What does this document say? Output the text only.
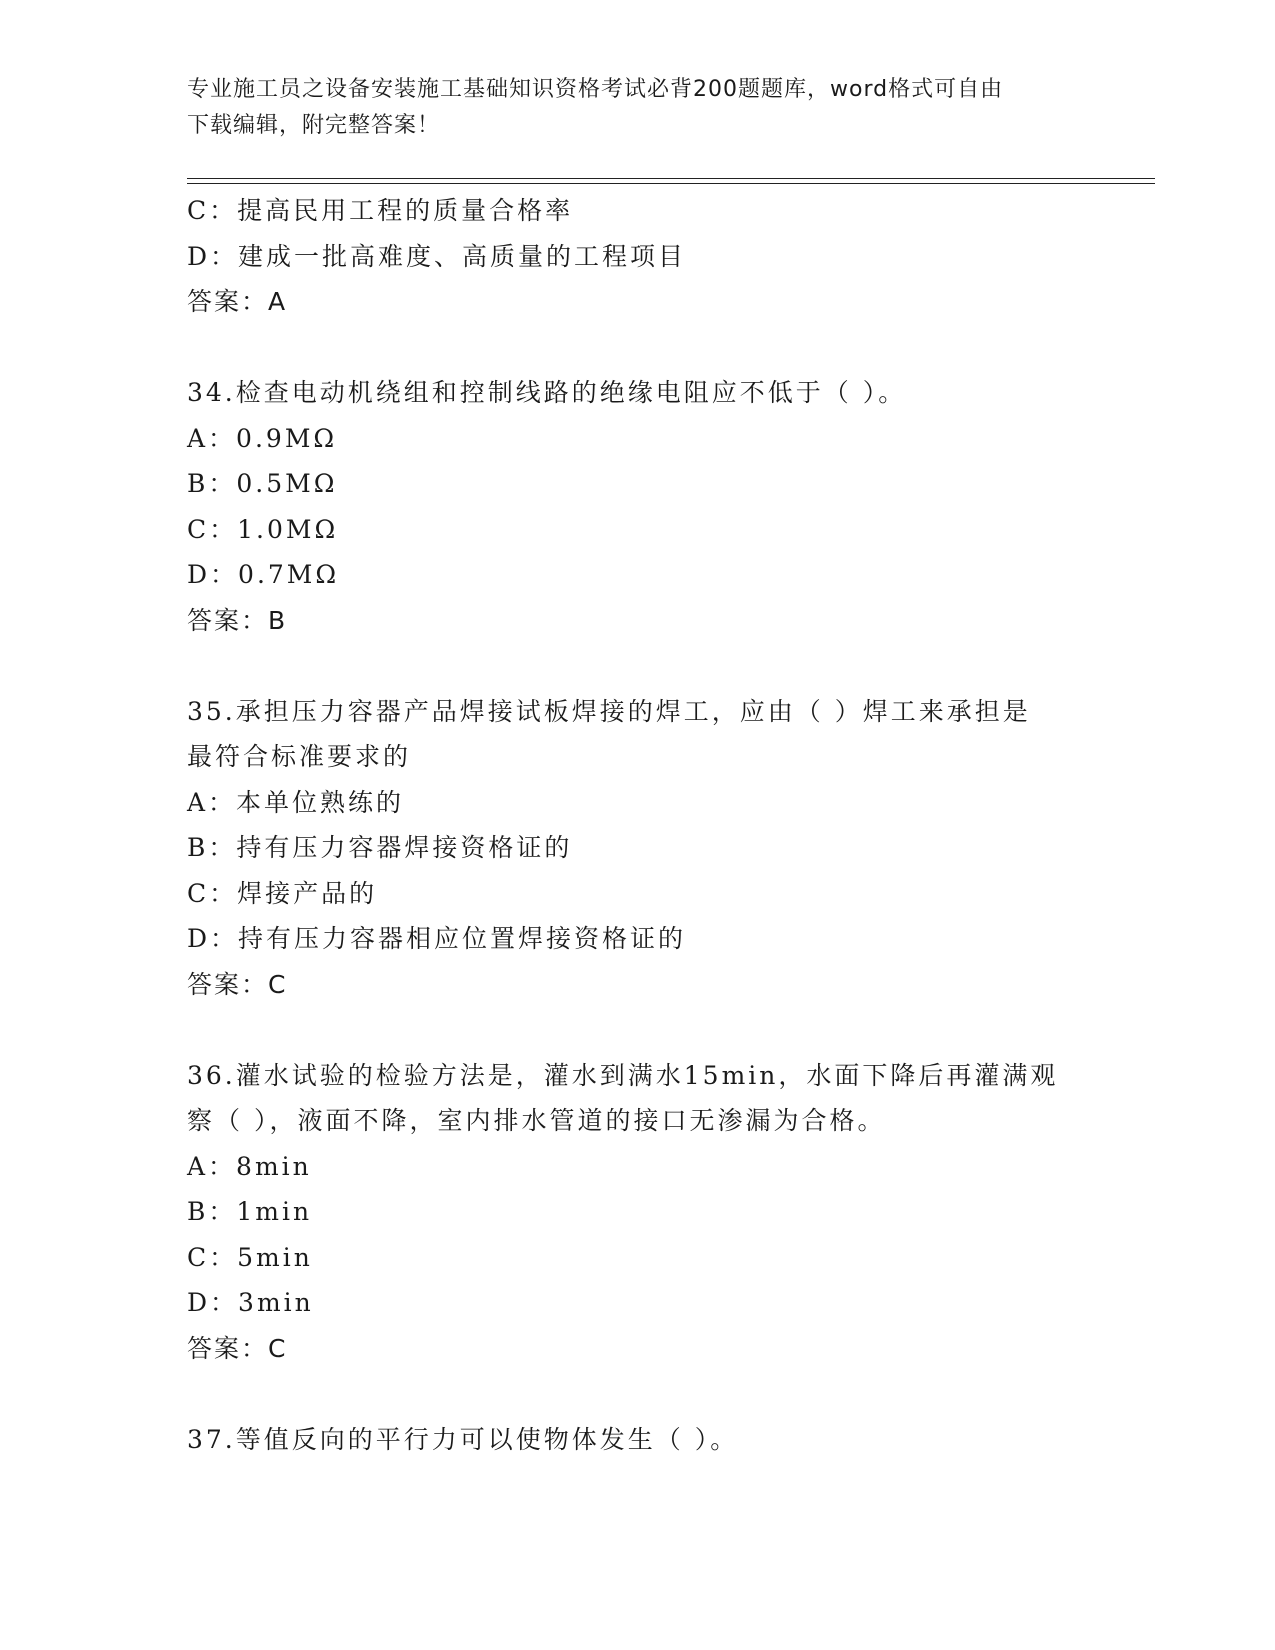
专业施工员之设备安装施工基础知识资格考试必背200题题库，word格式可自由
下载编辑，附完整答案！
C：提高民用工程的质量合格率
D：建成一批高难度、高质量的工程项目
答案：A
34.检查电动机绕组和控制线路的绝缘电阻应不低于（ ）。
A：0.9MΩ
B：0.5MΩ
C：1.0MΩ
D：0.7MΩ
答案：B
35.承担压力容器产品焊接试板焊接的焊工，应由（ ）焊工来承担是
最符合标准要求的
A：本单位熟练的
B：持有压力容器焊接资格证的
C：焊接产品的
D：持有压力容器相应位置焊接资格证的
答案：C
36.灌水试验的检验方法是，灌水到满水15min，水面下降后再灌满观
察（ ），液面不降，室内排水管道的接口无渗漏为合格。
A：8min
B：1min
C：5min
D：3min
答案：C
37.等值反向的平行力可以使物体发生（ ）。
